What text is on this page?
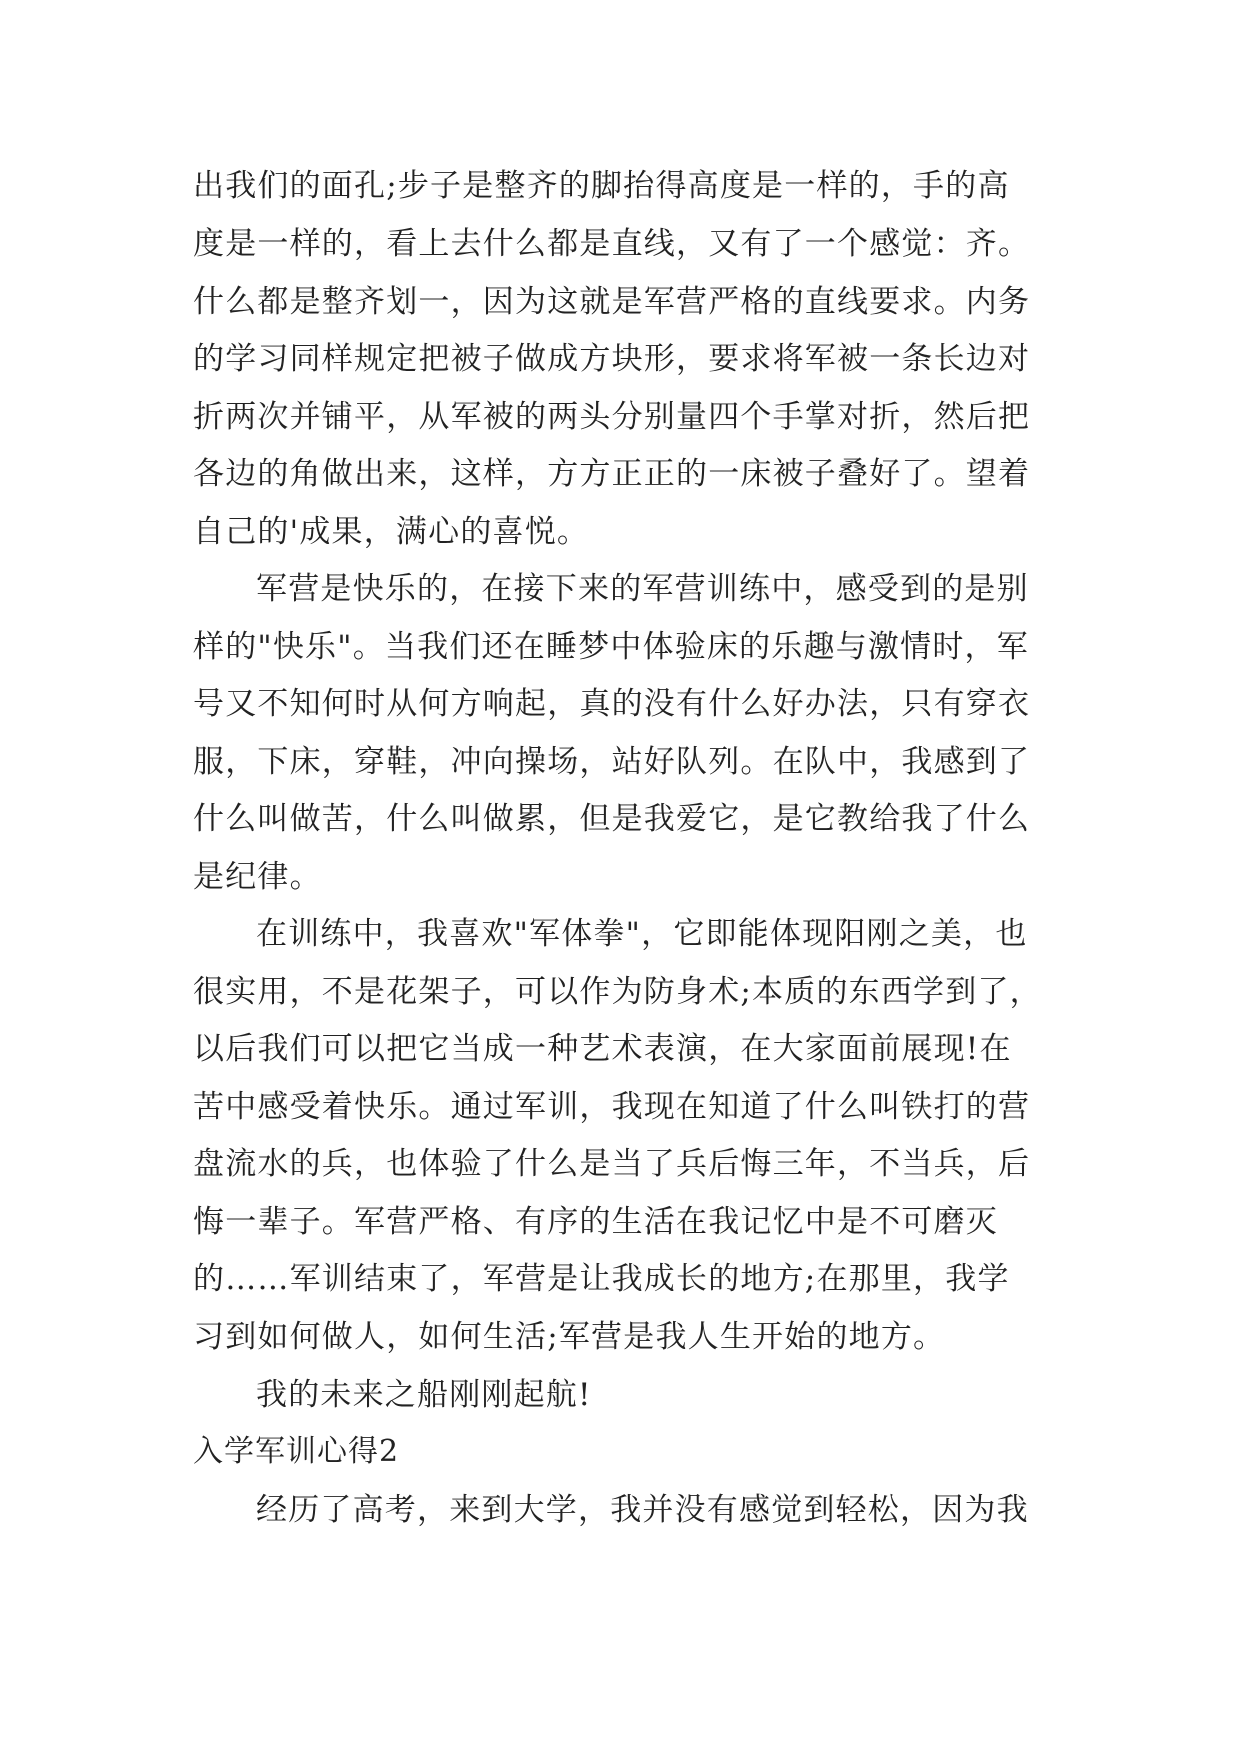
出我们的面孔;步子是整齐的脚抬得高度是一样的，手的高
度是一样的，看上去什么都是直线，又有了一个感觉：齐。
什么都是整齐划一，因为这就是军营严格的直线要求。内务
的学习同样规定把被子做成方块形，要求将军被一条长边对
折两次并铺平，从军被的两头分别量四个手掌对折，然后把
各边的角做出来，这样，方方正正的一床被子叠好了。望着
自己的'成果，满心的喜悦。
军营是快乐的，在接下来的军营训练中，感受到的是别
样的"快乐"。当我们还在睡梦中体验床的乐趣与激情时，军
号又不知何时从何方响起，真的没有什么好办法，只有穿衣
服，下床，穿鞋，冲向操场，站好队列。在队中，我感到了
什么叫做苦，什么叫做累，但是我爱它，是它教给我了什么
是纪律。
在训练中，我喜欢"军体拳"，它即能体现阳刚之美，也
很实用，不是花架子，可以作为防身术;本质的东西学到了，
以后我们可以把它当成一种艺术表演，在大家面前展现!在
苦中感受着快乐。通过军训，我现在知道了什么叫铁打的营
盘流水的兵，也体验了什么是当了兵后悔三年，不当兵，后
悔一辈子。军营严格、有序的生活在我记忆中是不可磨灭
的……军训结束了，军营是让我成长的地方;在那里，我学
习到如何做人，如何生活;军营是我人生开始的地方。
我的未来之船刚刚起航!
入学军训心得2
经历了高考，来到大学，我并没有感觉到轻松，因为我
